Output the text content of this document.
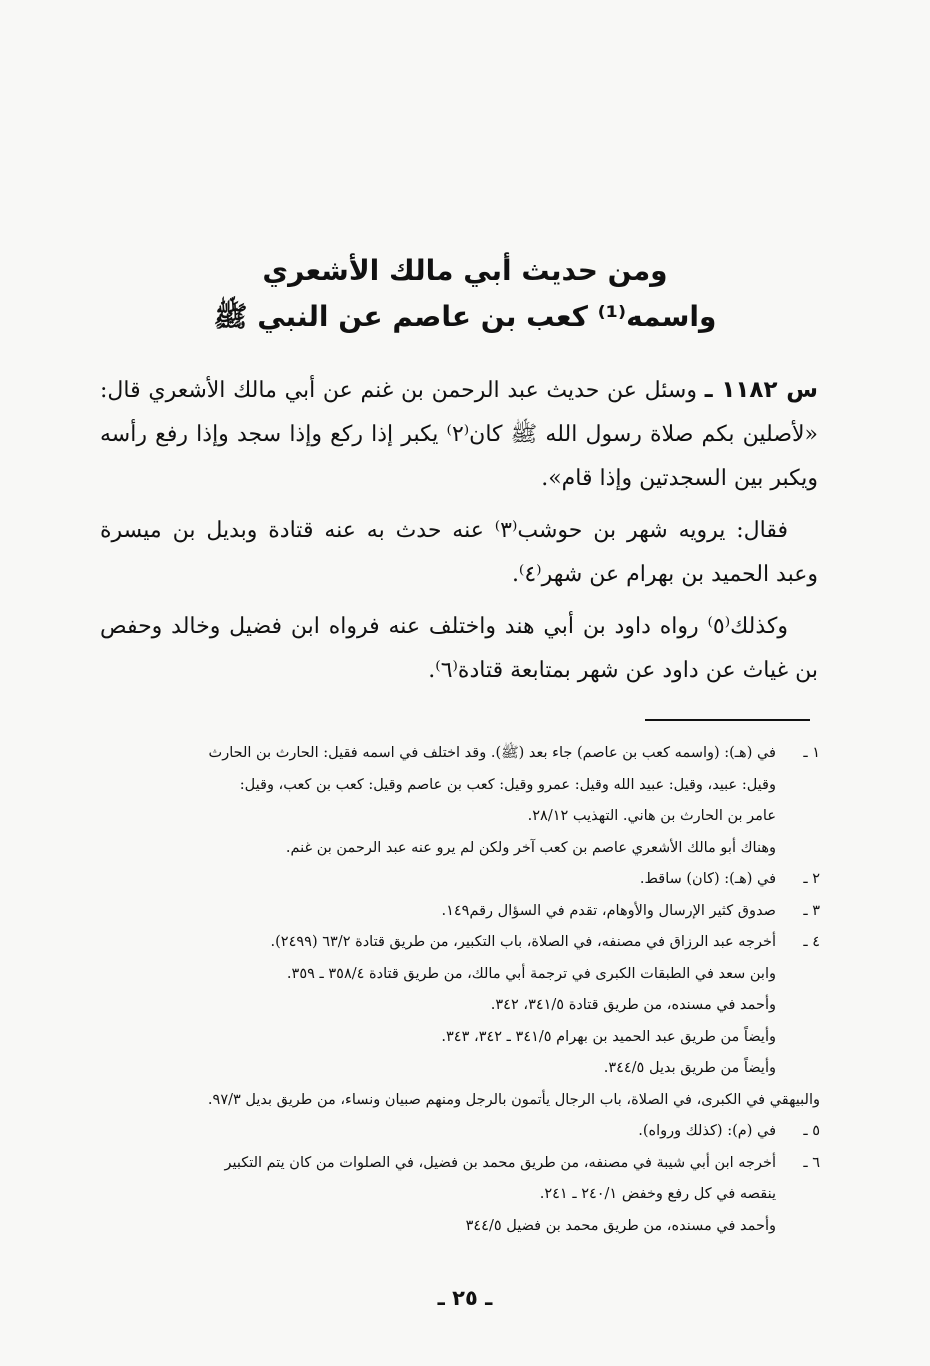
ومن حديث أبي مالك الأشعري
واسمه⁽¹⁾ كعب بن عاصم عن النبي ﷺ

س ١١٨٢ ـ وسئل عن حديث عبد الرحمن بن غنم عن أبي مالك الأشعري قال: «لأصلين بكم صلاة رسول الله ﷺ كان⁽٢⁾ يكبر إذا ركع وإذا سجد وإذا رفع رأسه ويكبر بين السجدتين وإذا قام».

فقال: يرويه شهر بن حوشب⁽٣⁾ عنه حدث به عنه قتادة وبديل بن ميسرة وعبد الحميد بن بهرام عن شهر⁽٤⁾.

وكذلك⁽٥⁾ رواه داود بن أبي هند واختلف عنه فرواه ابن فضيل وخالد وحفص بن غياث عن داود عن شهر بمتابعة قتادة⁽٦⁾.

١ ـفي (هـ): (واسمه كعب بن عاصم) جاء بعد (ﷺ). وقد اختلف في اسمه فقيل: الحارث بن الحارث
وقيل: عبيد، وقيل: عبيد الله وقيل: عمرو وقيل: كعب بن عاصم وقيل: كعب بن كعب، وقيل:
عامر بن الحارث بن هاني. التهذيب ٢٨/١٢.
وهناك أبو مالك الأشعري عاصم بن كعب آخر ولكن لم يرو عنه عبد الرحمن بن غنم.
٢ ـفي (هـ): (كان) ساقط.
٣ ـصدوق كثير الإرسال والأوهام، تقدم في السؤال رقم١٤٩.
٤ ـأخرجه عبد الرزاق في مصنفه، في الصلاة، باب التكبير، من طريق قتادة ٦٣/٢ (٢٤٩٩).
وابن سعد في الطبقات الكبرى في ترجمة أبي مالك، من طريق قتادة ٣٥٨/٤ ـ ٣٥٩.
وأحمد في مسنده، من طريق قتادة ٣٤١/٥، ٣٤٢.
وأيضاً من طريق عبد الحميد بن بهرام ٣٤١/٥ ـ ٣٤٢، ٣٤٣.
وأيضاً من طريق بديل ٣٤٤/٥.
والبيهقي في الكبرى، في الصلاة، باب الرجال يأتمون بالرجل ومنهم صبيان ونساء، من طريق بديل ٩٧/٣.
٥ ـفي (م): (كذلك ورواه).
٦ ـأخرجه ابن أبي شيبة في مصنفه، من طريق محمد بن فضيل، في الصلوات من كان يتم التكبير
ينقصه في كل رفع وخفض ٢٤٠/١ ـ ٢٤١.
وأحمد في مسنده، من طريق محمد بن فضيل ٣٤٤/٥
ـ ٢٥ ـ
